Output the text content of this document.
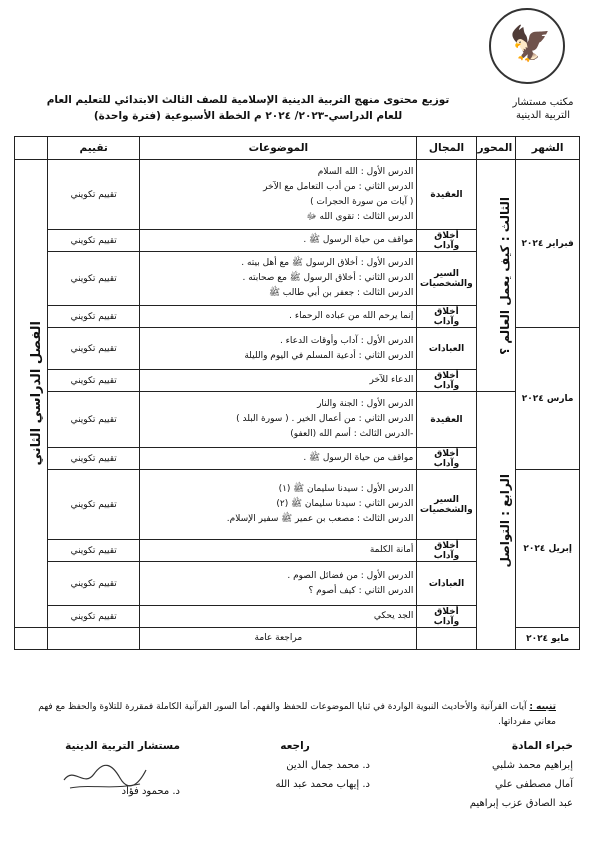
🦅
مكتب مستشار
التربية الدينية
توزيع محتوى منهج التربية الدينية الإسلامية للصف الثالث الابتدائي للتعليم العام
للعام الدراسي-٢٠٢٣/ ٢٠٢٤ م الخطة الأسبوعية (فترة واحدة)
الشهر	المحور	المجال	الموضوعات	تقييم	
فبراير ٢٠٢٤	الثالث : كيف يعمل العالم ؟	العقيدة	الدرس الأول : الله السلام
الدرس الثاني : من أدب التعامل مع الآخر
( آيات من سورة الحجرات )
الدرس الثالث : تقوى الله ﷻ	تقييم تكويني	الفصل الدراسي الثاني

		أخلاق وآداب	مواقف من حياة الرسول ﷺ .	تقييم تكويني	
		السير والشخصيات	الدرس الأول : أخلاق الرسول ﷺ مع أهل بيته .
الدرس الثاني : أخلاق الرسول ﷺ مع صحابته .
الدرس الثالث : جعفر بن أبي طالب ﷺ	تقييم تكويني	
		أخلاق وآداب	إنما يرحم الله من عباده الرحماء .	تقييم تكويني	
مارس ٢٠٢٤		العبادات	الدرس الأول : آداب وأوقات الدعاء .
الدرس الثاني : أدعية المسلم في اليوم والليلة	تقييم تكويني	
		أخلاق وآداب	الدعاء للآخر	تقييم تكويني	

	الرابع : التواصل	العقيدة	الدرس الأول : الجنة والنار
الدرس الثاني : من أعمال الخير . ( سورة البلد )
-الدرس الثالث : أسم الله (العفو)	تقييم تكويني	
		أخلاق وآداب	مواقف من حياة الرسول ﷺ .	تقييم تكويني	
إبريل ٢٠٢٤		السير والشخصيات	الدرس الأول : سيدنا سليمان ﷺ (١)
الدرس الثاني : سيدنا سليمان ﷺ (٢)
الدرس الثالث : مصعب بن عمير ﷺ سفير الإسلام.	تقييم تكويني	
		أخلاق وآداب	أمانة الكلمة	تقييم تكويني	
		العبادات	الدرس الأول : من فضائل الصوم .
الدرس الثاني : كيف أصوم ؟	تقييم تكويني	
		أخلاق وآداب	الجد يحكي	تقييم تكويني	
مايو ٢٠٢٤			مراجعة عامة		

تنبيه : آيات القرآنية والأحاديث النبوية الواردة في ثنايا الموضوعات للحفظ والفهم. أما السور القرآنية الكاملة فمقررة للتلاوة والحفظ مع فهم معاني مفرداتها.
خبراء المادة
إبراهيم محمد شلبي
آمال مصطفى علي
عبد الصادق عزب إبراهيم
راجعه
د. محمد جمال الدين
د. إيهاب محمد عبد الله
مستشار التربية الدينية
د. محمود فؤاد
